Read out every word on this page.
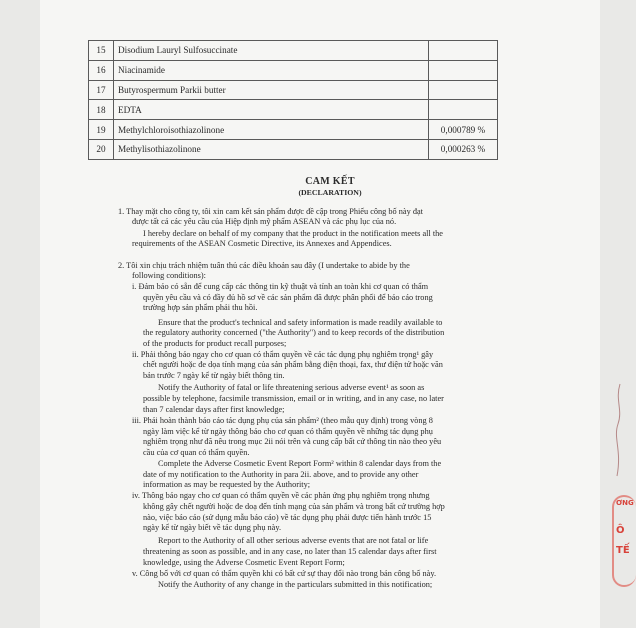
15	Disodium Lauryl Sulfosuccinate	
16	Niacinamide	
17	Butyrospermum Parkii butter	
18	EDTA	
19	Methylchloroisothiazolinone	0,000789 %
20	Methylisothiazolinone	0,000263 %
CAM KẾT
(DECLARATION)
1. Thay mặt cho công ty, tôi xin cam kết sản phẩm được đề cập trong Phiếu công bố này đạt
được tất cả các yêu cầu của Hiệp định mỹ phẩm ASEAN và các phụ lục của nó.
I hereby declare on behalf of my company that the product in the notification meets all the
requirements of the ASEAN Cosmetic Directive, its Annexes and Appendices.
2. Tôi xin chịu trách nhiệm tuân thủ các điều khoản sau đây (I undertake to abide by the
following conditions):
i. Đảm bảo có sẵn để cung cấp các thông tin kỹ thuật và tính an toàn khi cơ quan có thẩm
quyền yêu cầu và có đầy đủ hồ sơ về các sản phẩm đã được phân phối để báo cáo trong
trường hợp sản phẩm phải thu hồi.
Ensure that the product's technical and safety information is made readily available to
the regulatory authority concerned ("the Authority") and to keep records of the distribution
of the products for product recall purposes;
ii. Phải thông báo ngay cho cơ quan có thẩm quyền về các tác dụng phụ nghiêm trọng¹ gây
chết người hoặc đe dọa tính mạng của sản phẩm bằng điện thoại, fax, thư điện tử hoặc văn
bản trước 7 ngày kể từ ngày biết thông tin.
Notify the Authority of fatal or life threatening serious adverse event¹ as soon as
possible by telephone, facsimile transmission, email or in writing, and in any case, no later
than 7 calendar days after first knowledge;
iii. Phải hoàn thành báo cáo tác dụng phụ của sản phẩm² (theo mẫu quy định) trong vòng 8
ngày làm việc kể từ ngày thông báo cho cơ quan có thẩm quyền về những tác dụng phụ
nghiêm trọng như đã nêu trong mục 2ii nói trên và cung cấp bất cứ thông tin nào theo yêu
cầu của cơ quan có thẩm quyền.
Complete the Adverse Cosmetic Event Report Form² within 8 calendar days from the
date of my notification to the Authority in para 2ii. above, and to provide any other
information as may be requested by the Authority;
iv. Thông báo ngay cho cơ quan có thẩm quyền về các phản ứng phụ nghiêm trọng nhưng
không gây chết người hoặc đe doạ đến tính mạng của sản phẩm và trong bất cứ trường hợp
nào, việc báo cáo (sử dụng mẫu báo cáo) về tác dụng phụ phải được tiến hành trước 15
ngày kể từ ngày biết về tác dụng phụ này.
Report to the Authority of all other serious adverse events that are not fatal or life
threatening as soon as possible, and in any case, no later than 15 calendar days after first
knowledge, using the Adverse Cosmetic Event Report Form;
v. Công bố với cơ quan có thẩm quyền khi có bất cứ sự thay đổi nào trong bản công bố này.
Notify the Authority of any change in the particulars submitted in this notification;
ƠNG
Ô
TẾ
